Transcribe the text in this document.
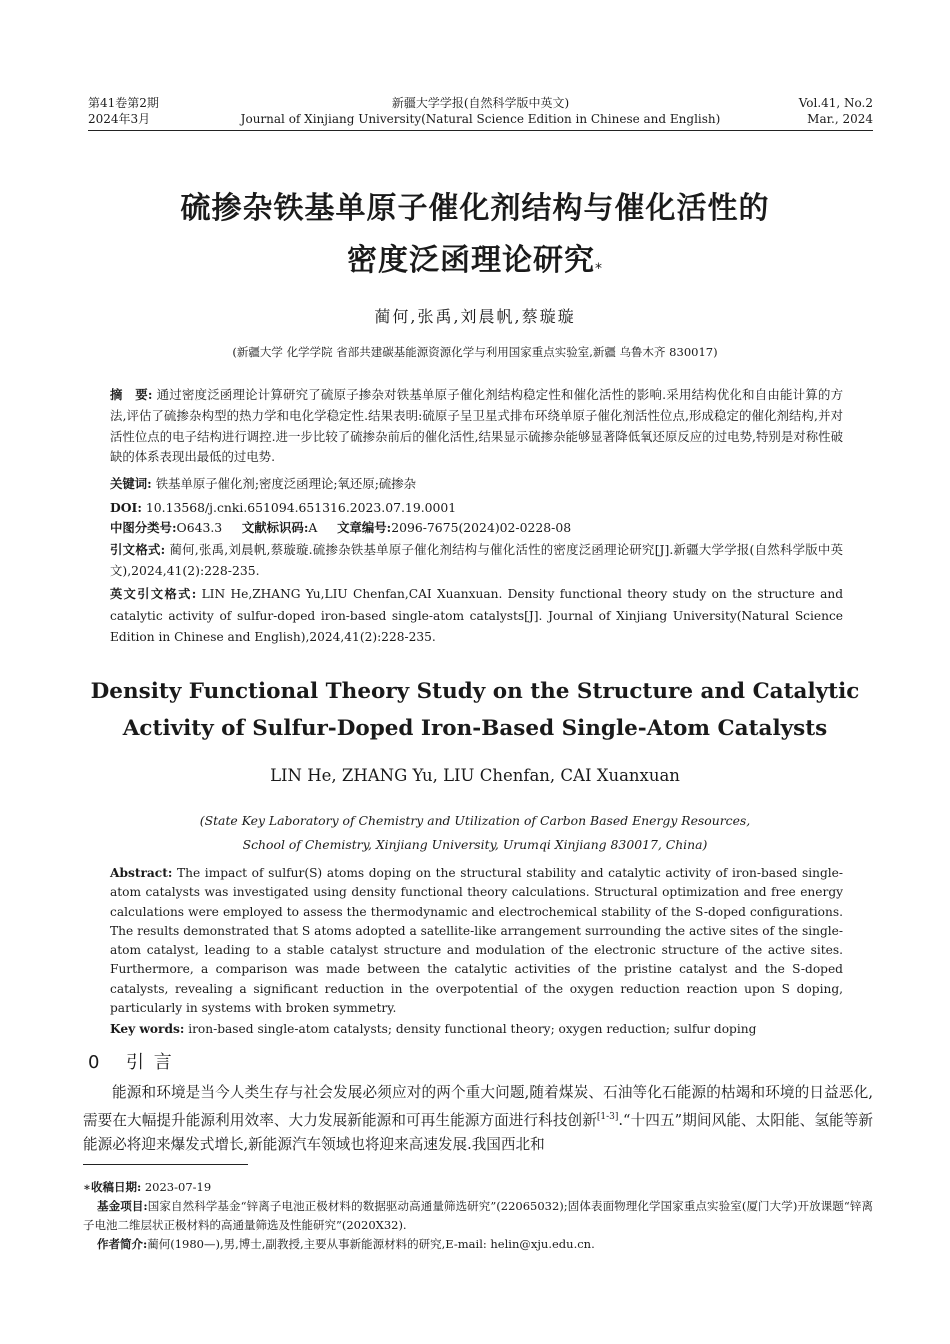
第41卷第2期
2024年3月
新疆大学学报(自然科学版中英文)
Journal of Xinjiang University(Natural Science Edition in Chinese and English)
Vol.41, No.2
Mar., 2024
硫掺杂铁基单原子催化剂结构与催化活性的
密度泛函理论研究*
蔺何,张禹,刘晨帆,蔡璇璇
(新疆大学 化学学院 省部共建碳基能源资源化学与利用国家重点实验室,新疆 乌鲁木齐 830017)
摘　要: 通过密度泛函理论计算研究了硫原子掺杂对铁基单原子催化剂结构稳定性和催化活性的影响.采用结构优化和自由能计算的方法,评估了硫掺杂构型的热力学和电化学稳定性.结果表明:硫原子呈卫星式排布环绕单原子催化剂活性位点,形成稳定的催化剂结构,并对活性位点的电子结构进行调控.进一步比较了硫掺杂前后的催化活性,结果显示硫掺杂能够显著降低氧还原反应的过电势,特别是对称性破缺的体系表现出最低的过电势.
关键词: 铁基单原子催化剂;密度泛函理论;氧还原;硫掺杂
DOI: 10.13568/j.cnki.651094.651316.2023.07.19.0001
中图分类号:O643.3 文献标识码:A 文章编号:2096-7675(2024)02-0228-08
引文格式: 蔺何,张禹,刘晨帆,蔡璇璇.硫掺杂铁基单原子催化剂结构与催化活性的密度泛函理论研究[J].新疆大学学报(自然科学版中英文),2024,41(2):228-235.
英文引文格式: LIN He,ZHANG Yu,LIU Chenfan,CAI Xuanxuan. Density functional theory study on the structure and catalytic activity of sulfur-doped iron-based single-atom catalysts[J]. Journal of Xinjiang University(Natural Science Edition in Chinese and English),2024,41(2):228-235.
Density Functional Theory Study on the Structure and Catalytic
Activity of Sulfur-Doped Iron-Based Single-Atom Catalysts
LIN He, ZHANG Yu, LIU Chenfan, CAI Xuanxuan
(State Key Laboratory of Chemistry and Utilization of Carbon Based Energy Resources,
School of Chemistry, Xinjiang University, Urumqi Xinjiang 830017, China)
Abstract: The impact of sulfur(S) atoms doping on the structural stability and catalytic activity of iron-based single-atom catalysts was investigated using density functional theory calculations. Structural optimization and free energy calculations were employed to assess the thermodynamic and electrochemical stability of the S-doped configurations. The results demonstrated that S atoms adopted a satellite-like arrangement surrounding the active sites of the single-atom catalyst, leading to a stable catalyst structure and modulation of the electronic structure of the active sites. Furthermore, a comparison was made between the catalytic activities of the pristine catalyst and the S-doped catalysts, revealing a significant reduction in the overpotential of the oxygen reduction reaction upon S doping, particularly in systems with broken symmetry.
Key words: iron-based single-atom catalysts; density functional theory; oxygen reduction; sulfur doping
0 引 言
能源和环境是当今人类生存与社会发展必须应对的两个重大问题,随着煤炭、石油等化石能源的枯竭和环境的日益恶化,需要在大幅提升能源利用效率、大力发展新能源和可再生能源方面进行科技创新[1-3].“十四五”期间风能、太阳能、氢能等新能源必将迎来爆发式增长,新能源汽车领域也将迎来高速发展.我国西北和

∗收稿日期: 2023-07-19

基金项目:国家自然科学基金“锌离子电池正极材料的数据驱动高通量筛选研究”(22065032);固体表面物理化学国家重点实验室(厦门大学)开放课题“锌离子电池二维层状正极材料的高通量筛选及性能研究”(2020X32).

作者简介:蔺何(1980—),男,博士,副教授,主要从事新能源材料的研究,E-mail: helin@xju.edu.cn.
